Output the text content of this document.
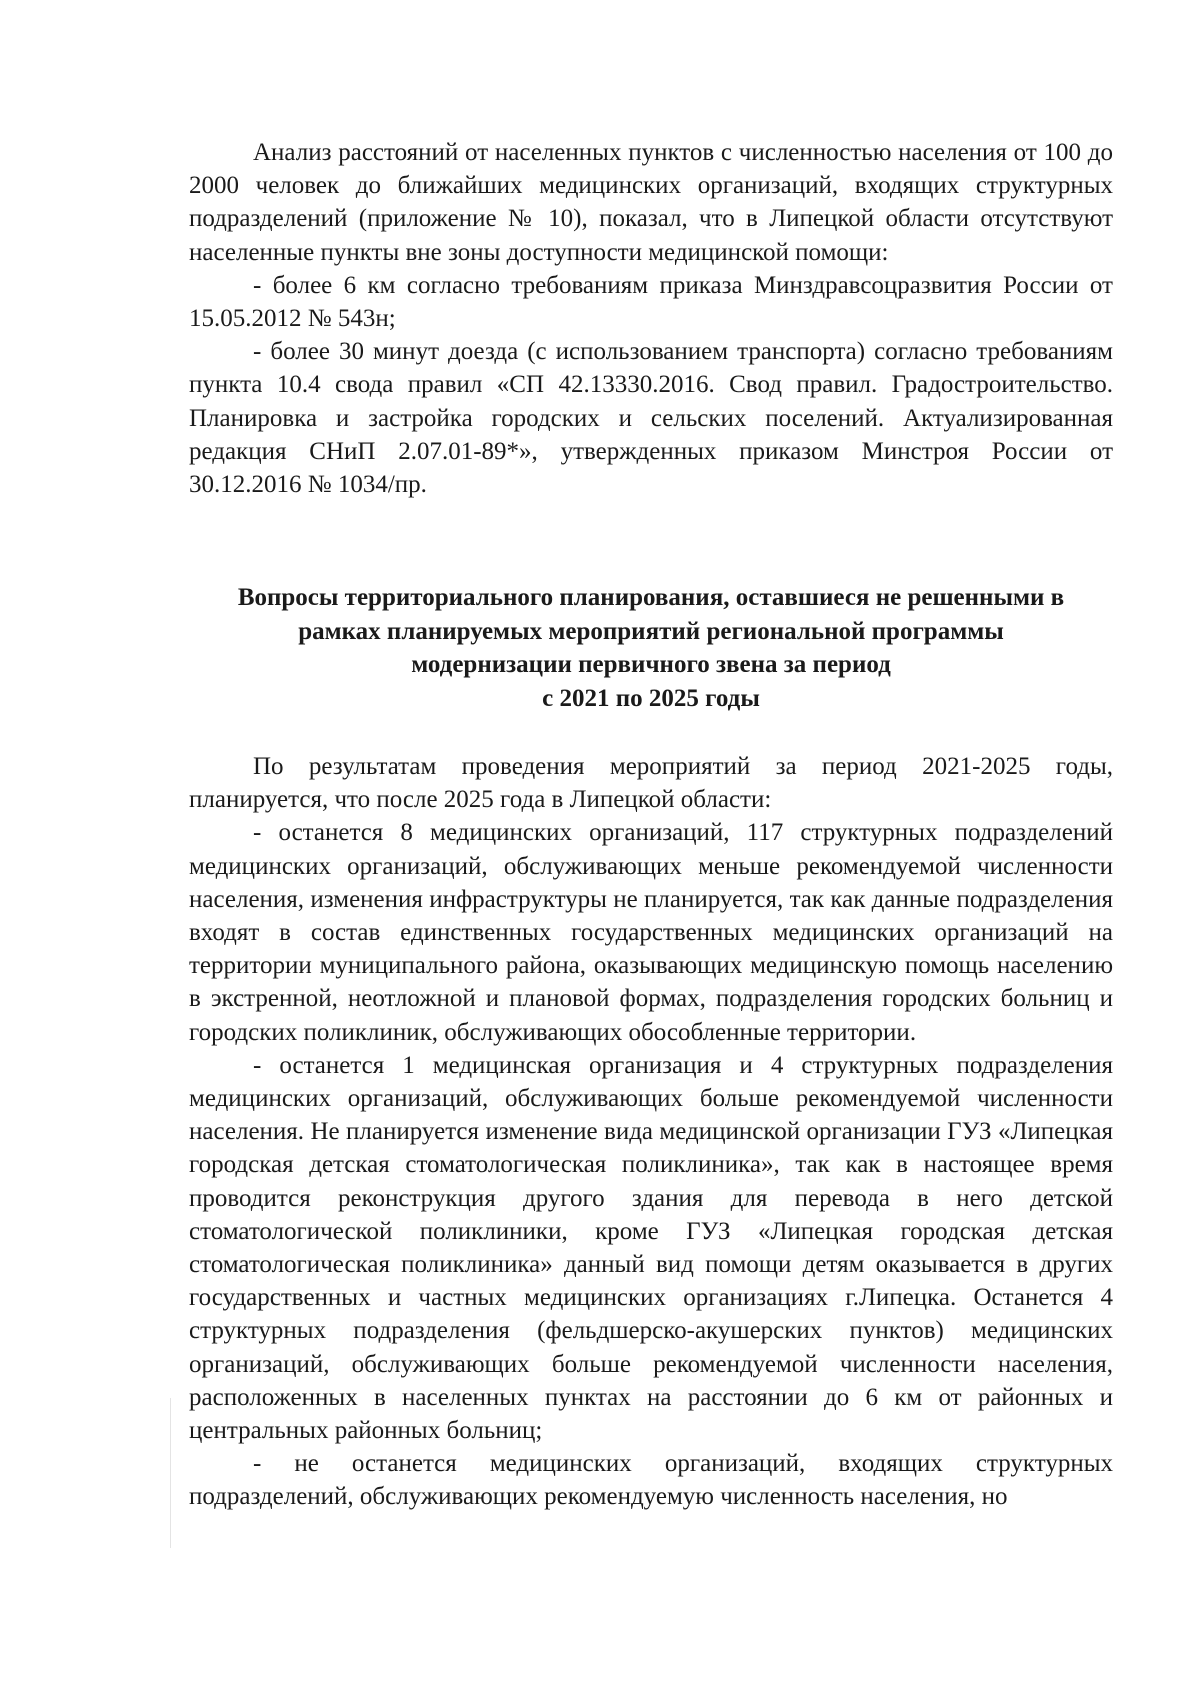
Анализ расстояний от населенных пунктов с численностью населения от 100 до 2000 человек до ближайших медицинских организаций, входящих структурных подразделений (приложение № 10), показал, что в Липецкой области отсутствуют населенные пункты вне зоны доступности медицинской помощи:

- более 6 км согласно требованиям приказа Минздравсоцразвития России от 15.05.2012 № 543н;

- более 30 минут доезда (с использованием транспорта) согласно требованиям пункта 10.4 свода правил «СП 42.13330.2016. Свод правил. Градостроительство. Планировка и застройка городских и сельских поселений. Актуализированная редакция СНиП 2.07.01-89*», утвержденных приказом Минстроя России от 30.12.2016 № 1034/пр.

Вопросы территориального планирования, оставшиеся не решенными в
рамках планируемых мероприятий региональной программы
модернизации первичного звена за период
с 2021 по 2025 годы

По результатам проведения мероприятий за период 2021-2025 годы, планируется, что после 2025 года в Липецкой области:

- останется 8 медицинских организаций, 117 структурных подразделений медицинских организаций, обслуживающих меньше рекомендуемой численности населения, изменения инфраструктуры не планируется, так как данные подразделения входят в состав единственных государственных медицинских организаций на территории муниципального района, оказывающих медицинскую помощь населению в экстренной, неотложной и плановой формах, подразделения городских больниц и городских поликлиник, обслуживающих обособленные территории.

- останется 1 медицинская организация и 4 структурных подразделения медицинских организаций, обслуживающих больше рекомендуемой численности населения. Не планируется изменение вида медицинской организации ГУЗ «Липецкая городская детская стоматологическая поликлиника», так как в настоящее время проводится реконструкция другого здания для перевода в него детской стоматологической поликлиники, кроме ГУЗ «Липецкая городская детская стоматологическая поликлиника» данный вид помощи детям оказывается в других государственных и частных медицинских организациях г.Липецка. Останется 4 структурных подразделения (фельдшерско-акушерских пунктов) медицинских организаций, обслуживающих больше рекомендуемой численности населения, расположенных в населенных пунктах на расстоянии до 6 км от районных и центральных районных больниц;

- не останется медицинских организаций, входящих структурных подразделений, обслуживающих рекомендуемую численность населения, но
